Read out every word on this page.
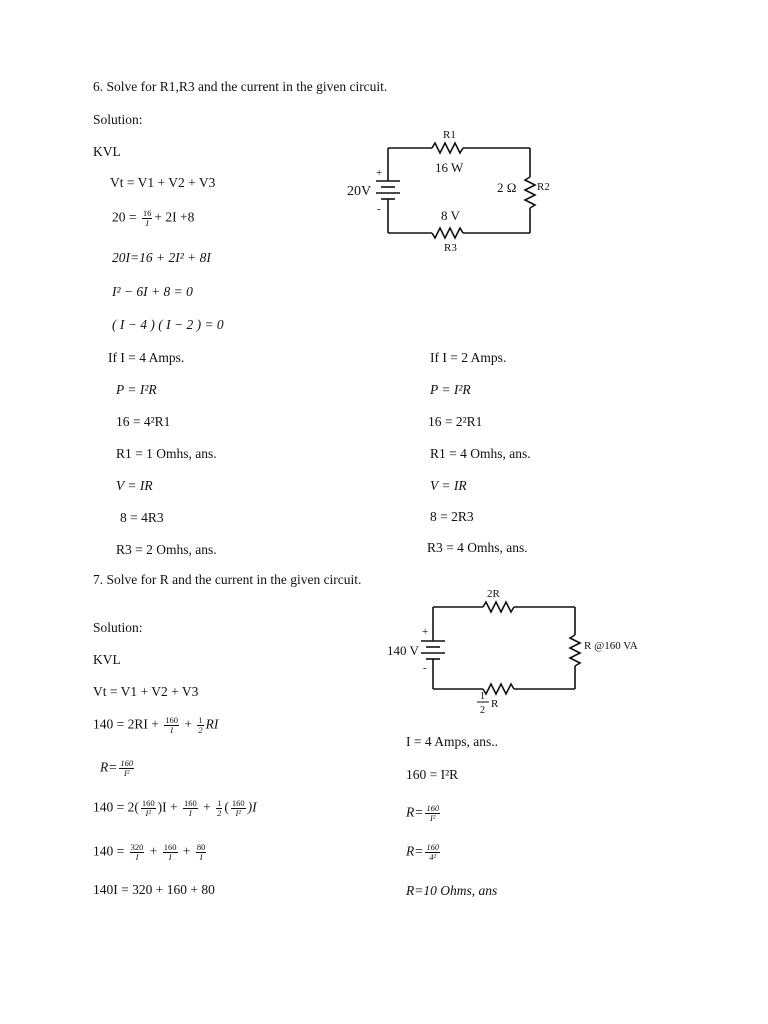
6. Solve for R1,R3 and the current in the given circuit.
Solution:
KVL
Vt = V1 + V2 + V3
$20 = \frac{16}{I} + 2I +8$
20I=16 + 2I² + 8I
I² − 6I + 8 = 0
( I − 4 ) ( I − 2 ) = 0
If I = 4 Amps.
P = I²R
16 = 4²R1
R1 = 1 Omhs, ans.
V = IR
8 = 4R3
R3 = 2 Omhs, ans.
If I = 2 Amps.
P = I²R
16 = 2²R1
R1 = 4 Omhs, ans.
V = IR
8 = 2R3
R3 = 4 Omhs, ans.
R1
16 W
2 Ω R2
8 V
R3
20V
+
-
7. Solve for R and the current in the given circuit.
Solution:
KVL
Vt = V1 + V2 + V3
$140 = 2RI + \frac{160}{I} + \frac{1}{2}$ RI
$R= \frac{160}{\text{I²}}$
$140 = 2( \frac{160}{\text{I²}} )I + \frac{160}{I} + \frac{1}{2}$ ( $\frac{160}{\text{I²}} )I$
$140 = \frac{320}{I} + \frac{160}{I} + \frac{80}{I}$
140I = 320 + 160 + 80
I = 4 Amps, ans..
160 = I²R
$R= \frac{160}{\text{I²}}$
$R= \frac{160}{\text{4²}}$
R=10 Ohms, ans
2R
R @160 VA
1
2
R
140 V
+
-
